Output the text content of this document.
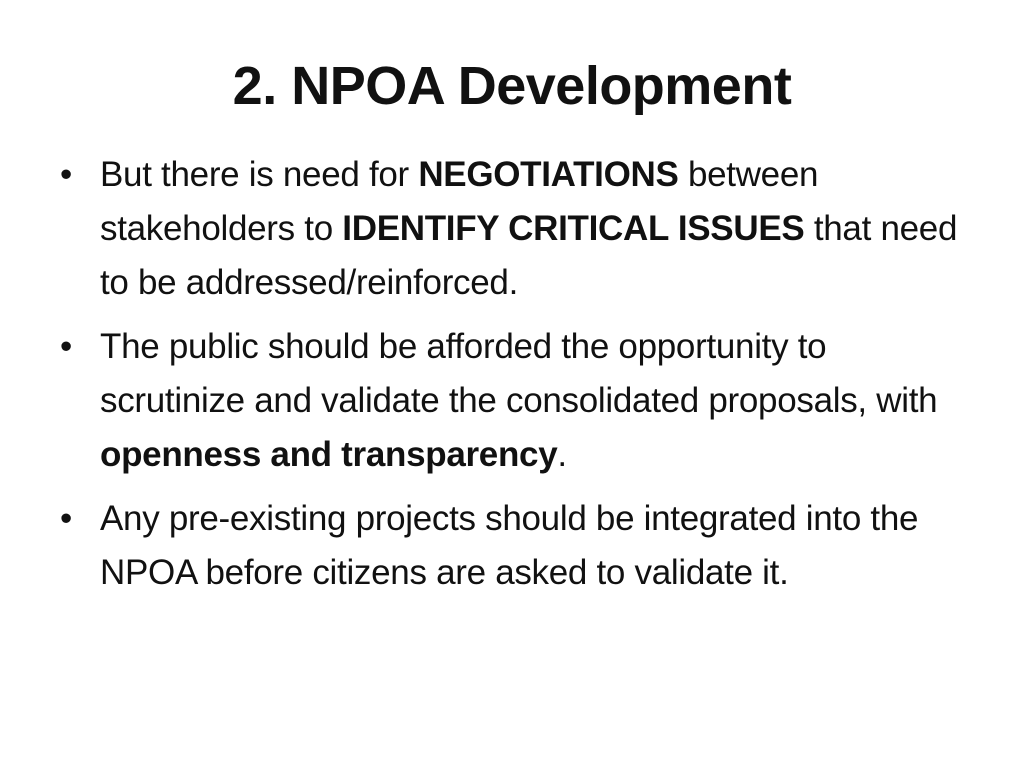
2. NPOA Development
• But there is need for NEGOTIATIONS between stakeholders to IDENTIFY CRITICAL ISSUES that need to be addressed/reinforced.
• The public should be afforded the opportunity to scrutinize and validate the consolidated proposals, with openness and transparency.
• Any pre-existing projects should be integrated into the NPOA before citizens are asked to validate it.
